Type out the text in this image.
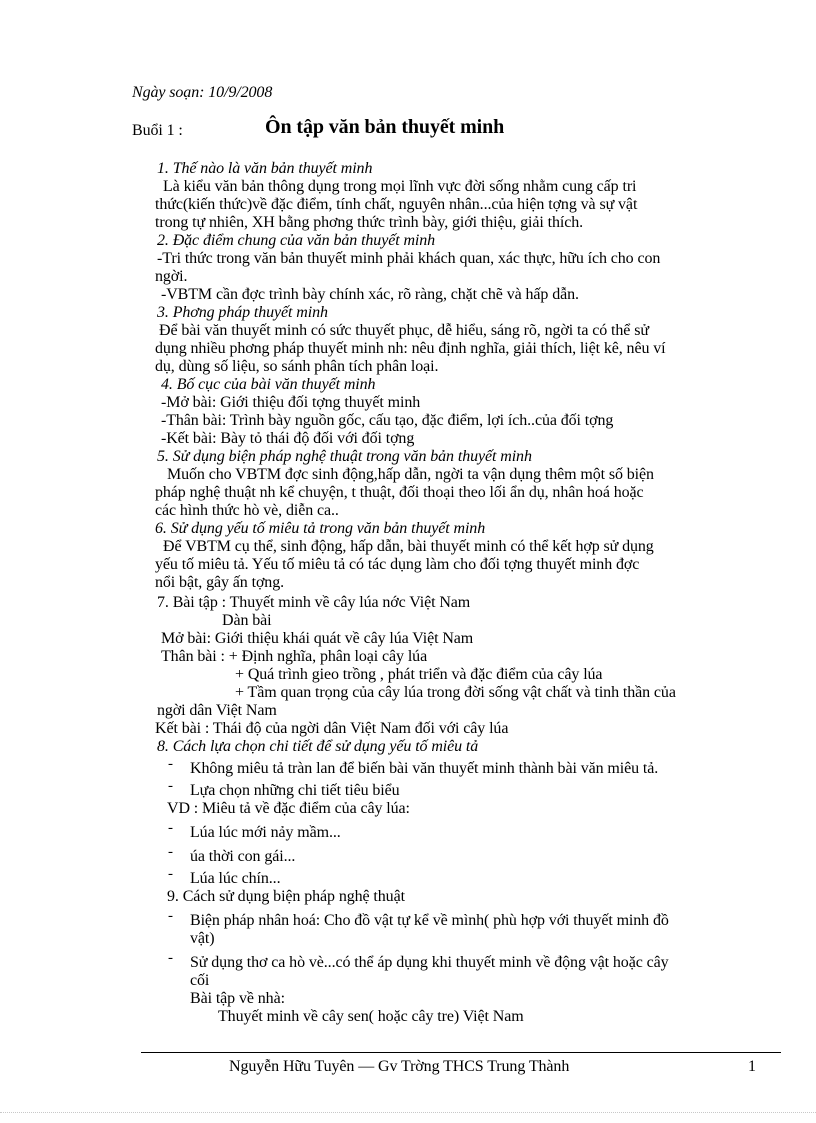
Ngày soạn: 10/9/2008
Buổi 1 :	Ôn tập văn bản thuyết minh
1. Thế nào là văn bản thuyết minh
Là kiểu văn bản thông dụng trong mọi lĩnh vực đời sống nhằm cung cấp tri
thức(kiến thức)về đặc điểm, tính chất, nguyên nhân...của hiện tợng và sự vật
trong tự nhiên, XH bằng phơng thức trình bày, giới thiệu, giải thích.
2. Đặc điểm chung của văn bản thuyết minh
-Tri thức trong văn bản thuyết minh phải khách quan, xác thực, hữu ích cho con
ngời.
-VBTM cần đợc trình bày chính xác, rõ ràng, chặt chẽ và hấp dẫn.
3. Phơng pháp thuyết minh
Để bài văn thuyết minh có sức thuyết phục, dễ hiểu, sáng rõ, ngời ta có thể sử
dụng nhiều phơng pháp thuyết minh nh: nêu định nghĩa, giải thích, liệt kê, nêu ví
dụ, dùng số liệu, so sánh phân tích phân loại.
4. Bố cục của bài văn thuyết minh
-Mở bài: Giới thiệu đối tợng thuyết minh
-Thân bài: Trình bày nguồn gốc, cấu tạo, đặc điểm, lợi ích..của đối tợng
-Kết bài: Bày tỏ thái độ đối với đối tợng
5. Sử dụng biện pháp nghệ thuật trong văn bản thuyết minh
Muốn cho VBTM đợc sinh động,hấp dẫn, ngời ta vận dụng thêm một số biện
pháp nghệ thuật nh kể chuyện, t thuật, đối thoại theo lối ẩn dụ, nhân hoá hoặc
các hình thức hò vè, diễn ca..
6. Sử dụng yếu tố miêu tả trong văn bản thuyết minh
Để VBTM cụ thể, sinh động, hấp dẫn, bài thuyết minh có thể kết hợp sử dụng
yếu tố miêu tả. Yếu tố miêu tả có tác dụng làm cho đối tợng thuyết minh đợc
nổi bật, gây ấn tợng.
7. Bài tập : Thuyết minh về cây lúa nớc Việt Nam
Dàn bài
Mở bài: Giới thiệu khái quát về cây lúa Việt Nam
Thân bài : + Định nghĩa, phân loại cây lúa
+ Quá trình gieo trồng , phát triển và đặc điểm của cây lúa
+ Tầm quan trọng của cây lúa trong đời sống vật chất và tinh thần của
ngời dân Việt Nam
Kết bài : Thái độ của ngời dân Việt Nam đối với cây lúa
8. Cách lựa chọn chi tiết để sử dụng yếu tố miêu tả
- Không miêu tả tràn lan để biến bài văn thuyết minh thành bài văn miêu tả.
- Lựa chọn những chi tiết tiêu biểu
VD : Miêu tả về đặc điểm của cây lúa:
- Lúa lúc mới nảy mầm...
- úa thời con gái...
- Lúa lúc chín...
9. Cách sử dụng biện pháp nghệ thuật
- Biện pháp nhân hoá: Cho đồ vật tự kể về mình( phù hợp với thuyết minh đồ
vật)
- Sử dụng thơ ca hò vè...có thể áp dụng khi thuyết minh về động vật hoặc cây
cối
Bài tập về nhà:
Thuyết minh về cây sen( hoặc cây tre) Việt Nam
Nguyễn Hữu Tuyên — Gv Trờng THCS Trung Thành	1
